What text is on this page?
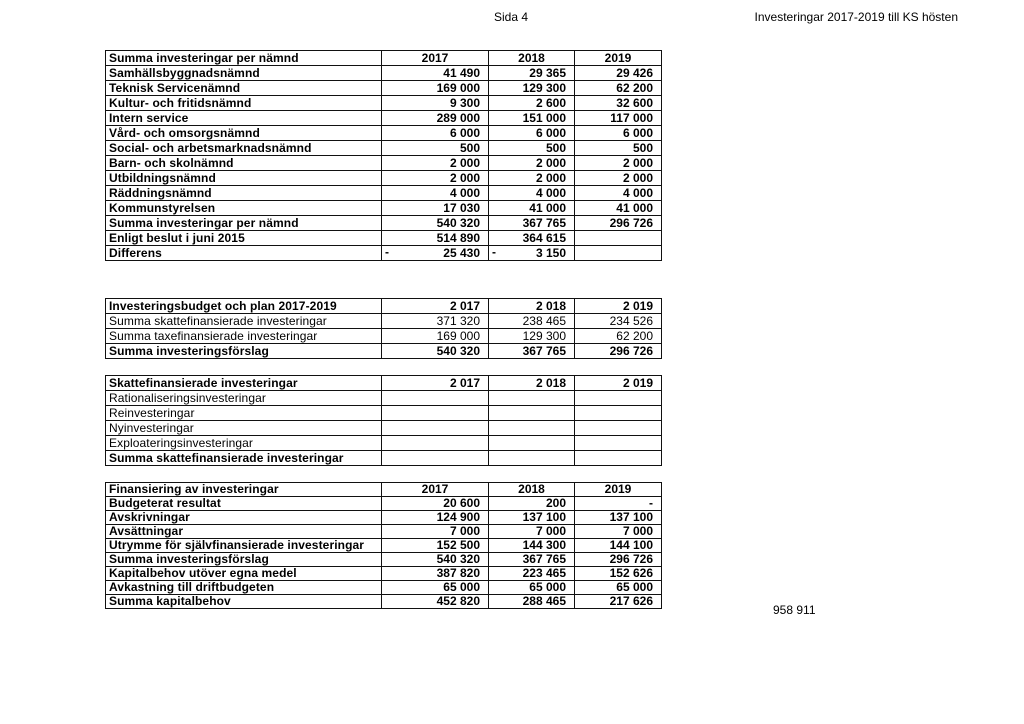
Sida 4	Investeringar 2017-2019 till KS hösten
Summa investeringar per nämnd	2017	2018	2019
Samhällsbyggnadsnämnd	41 490	29 365	29 426
Teknisk Servicenämnd	169 000	129 300	62 200
Kultur- och fritidsnämnd	9 300	2 600	32 600
Intern service	289 000	151 000	117 000
Vård- och omsorgsnämnd	6 000	6 000	6 000
Social- och arbetsmarknadsnämnd	500	500	500
Barn- och skolnämnd	2 000	2 000	2 000
Utbildningsnämnd	2 000	2 000	2 000
Räddningsnämnd	4 000	4 000	4 000
Kommunstyrelsen	17 030	41 000	41 000
Summa investeringar per nämnd	540 320	367 765	296 726
Enligt beslut i juni 2015	514 890	364 615	
Differens	- 25 430	- 3 150	
Investeringsbudget och plan 2017-2019	2 017	2 018	2 019
Summa skattefinansierade investeringar	371 320	238 465	234 526
Summa taxefinansierade investeringar	169 000	129 300	62 200
Summa investeringsförslag	540 320	367 765	296 726
Skattefinansierade investeringar	2 017	2 018	2 019
Rationaliseringsinvesteringar			
Reinvesteringar			
Nyinvesteringar			
Exploateringsinvesteringar			
Summa skattefinansierade investeringar			
Finansiering av investeringar	2017	2018	2019
Budgeterat resultat	20 600	200	-
Avskrivningar	124 900	137 100	137 100
Avsättningar	7 000	7 000	7 000
Utrymme för självfinansierade investeringar	152 500	144 300	144 100
Summa investeringsförslag	540 320	367 765	296 726
Kapitalbehov utöver egna medel	387 820	223 465	152 626
Avkastning till driftbudgeten	65 000	65 000	65 000
Summa kapitalbehov	452 820	288 465	217 626
958 911
